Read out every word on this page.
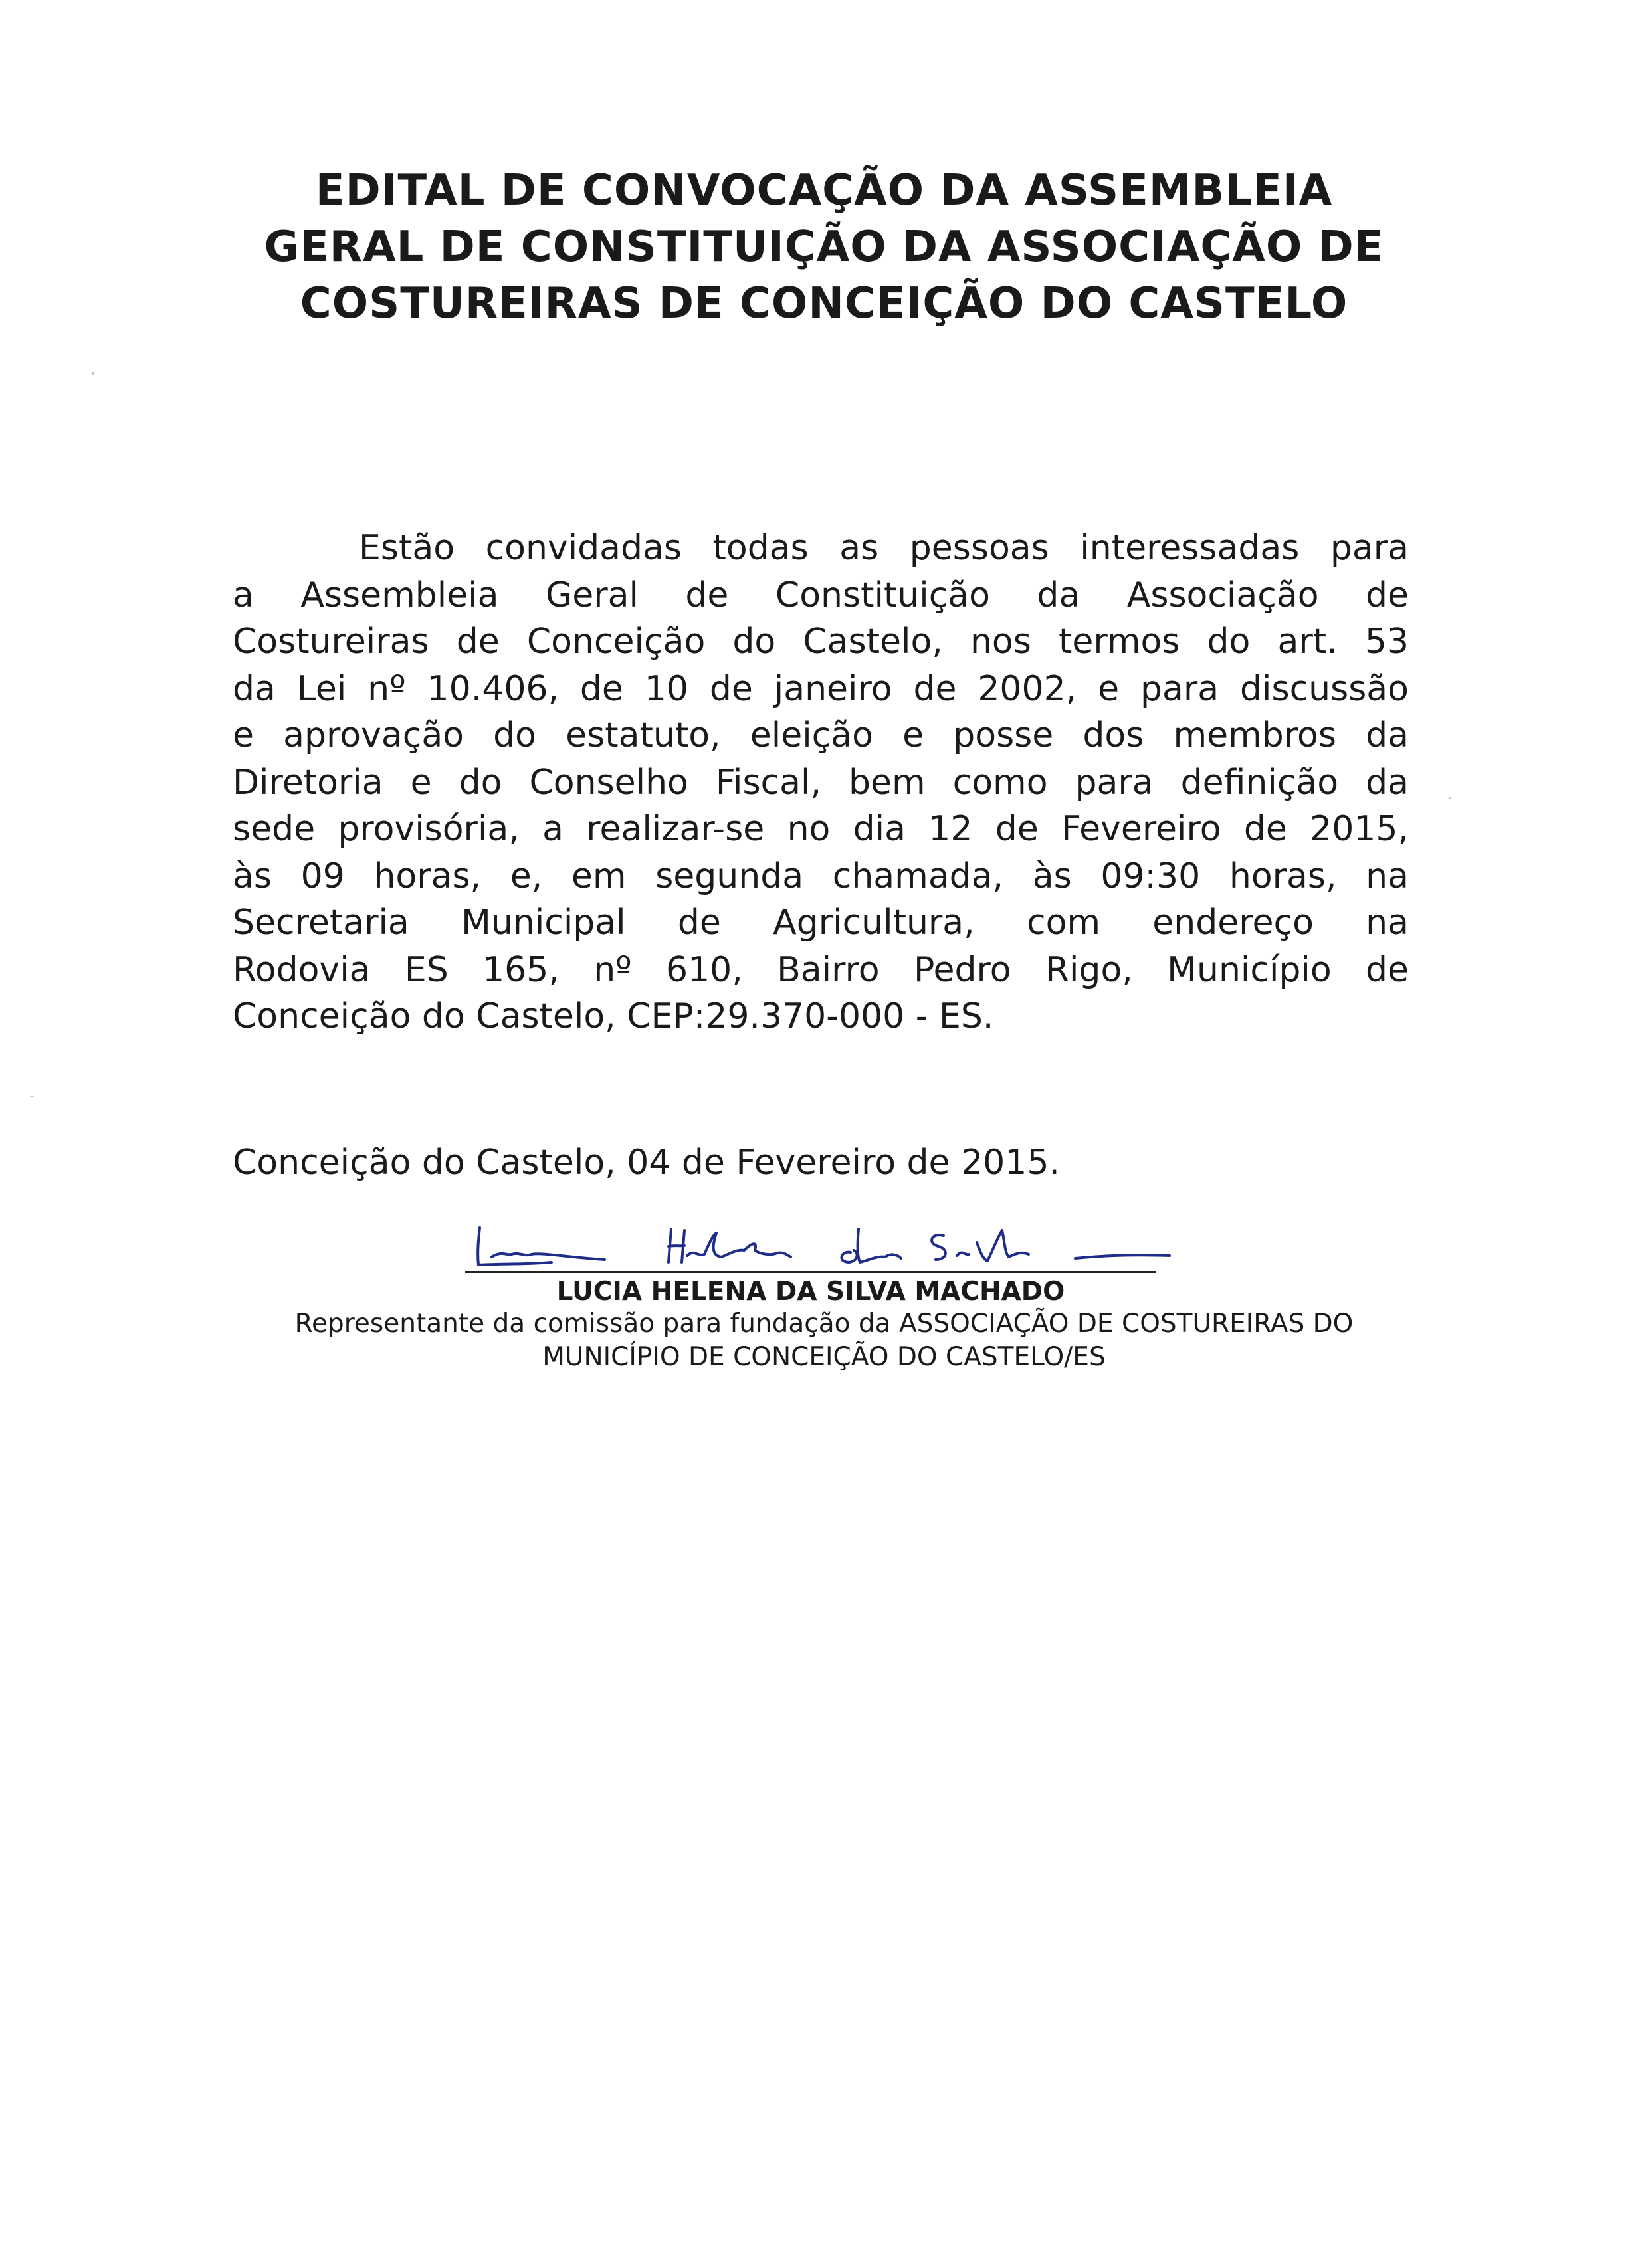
EDITAL DE CONVOCAÇÃO DA ASSEMBLEIA
GERAL DE CONSTITUIÇÃO DA ASSOCIAÇÃO DE
COSTUREIRAS DE CONCEIÇÃO DO CASTELO
Estão convidadas todas as pessoas interessadas para
a Assembleia Geral de Constituição da Associação de
Costureiras de Conceição do Castelo, nos termos do art. 53
da Lei nº 10.406, de 10 de janeiro de 2002, e para discussão
e aprovação do estatuto, eleição e posse dos membros da
Diretoria e do Conselho Fiscal, bem como para definição da
sede provisória, a realizar-se no dia 12 de Fevereiro de 2015,
às 09 horas, e, em segunda chamada, às 09:30 horas, na
Secretaria Municipal de Agricultura, com endereço na
Rodovia ES 165, nº 610, Bairro Pedro Rigo, Município de
Conceição do Castelo, CEP:29.370-000 - ES.
Conceição do Castelo, 04 de Fevereiro de 2015.
LUCIA HELENA DA SILVA MACHADO
Representante da comissão para fundação da ASSOCIAÇÃO DE COSTUREIRAS DO
MUNICÍPIO DE CONCEIÇÃO DO CASTELO/ES
